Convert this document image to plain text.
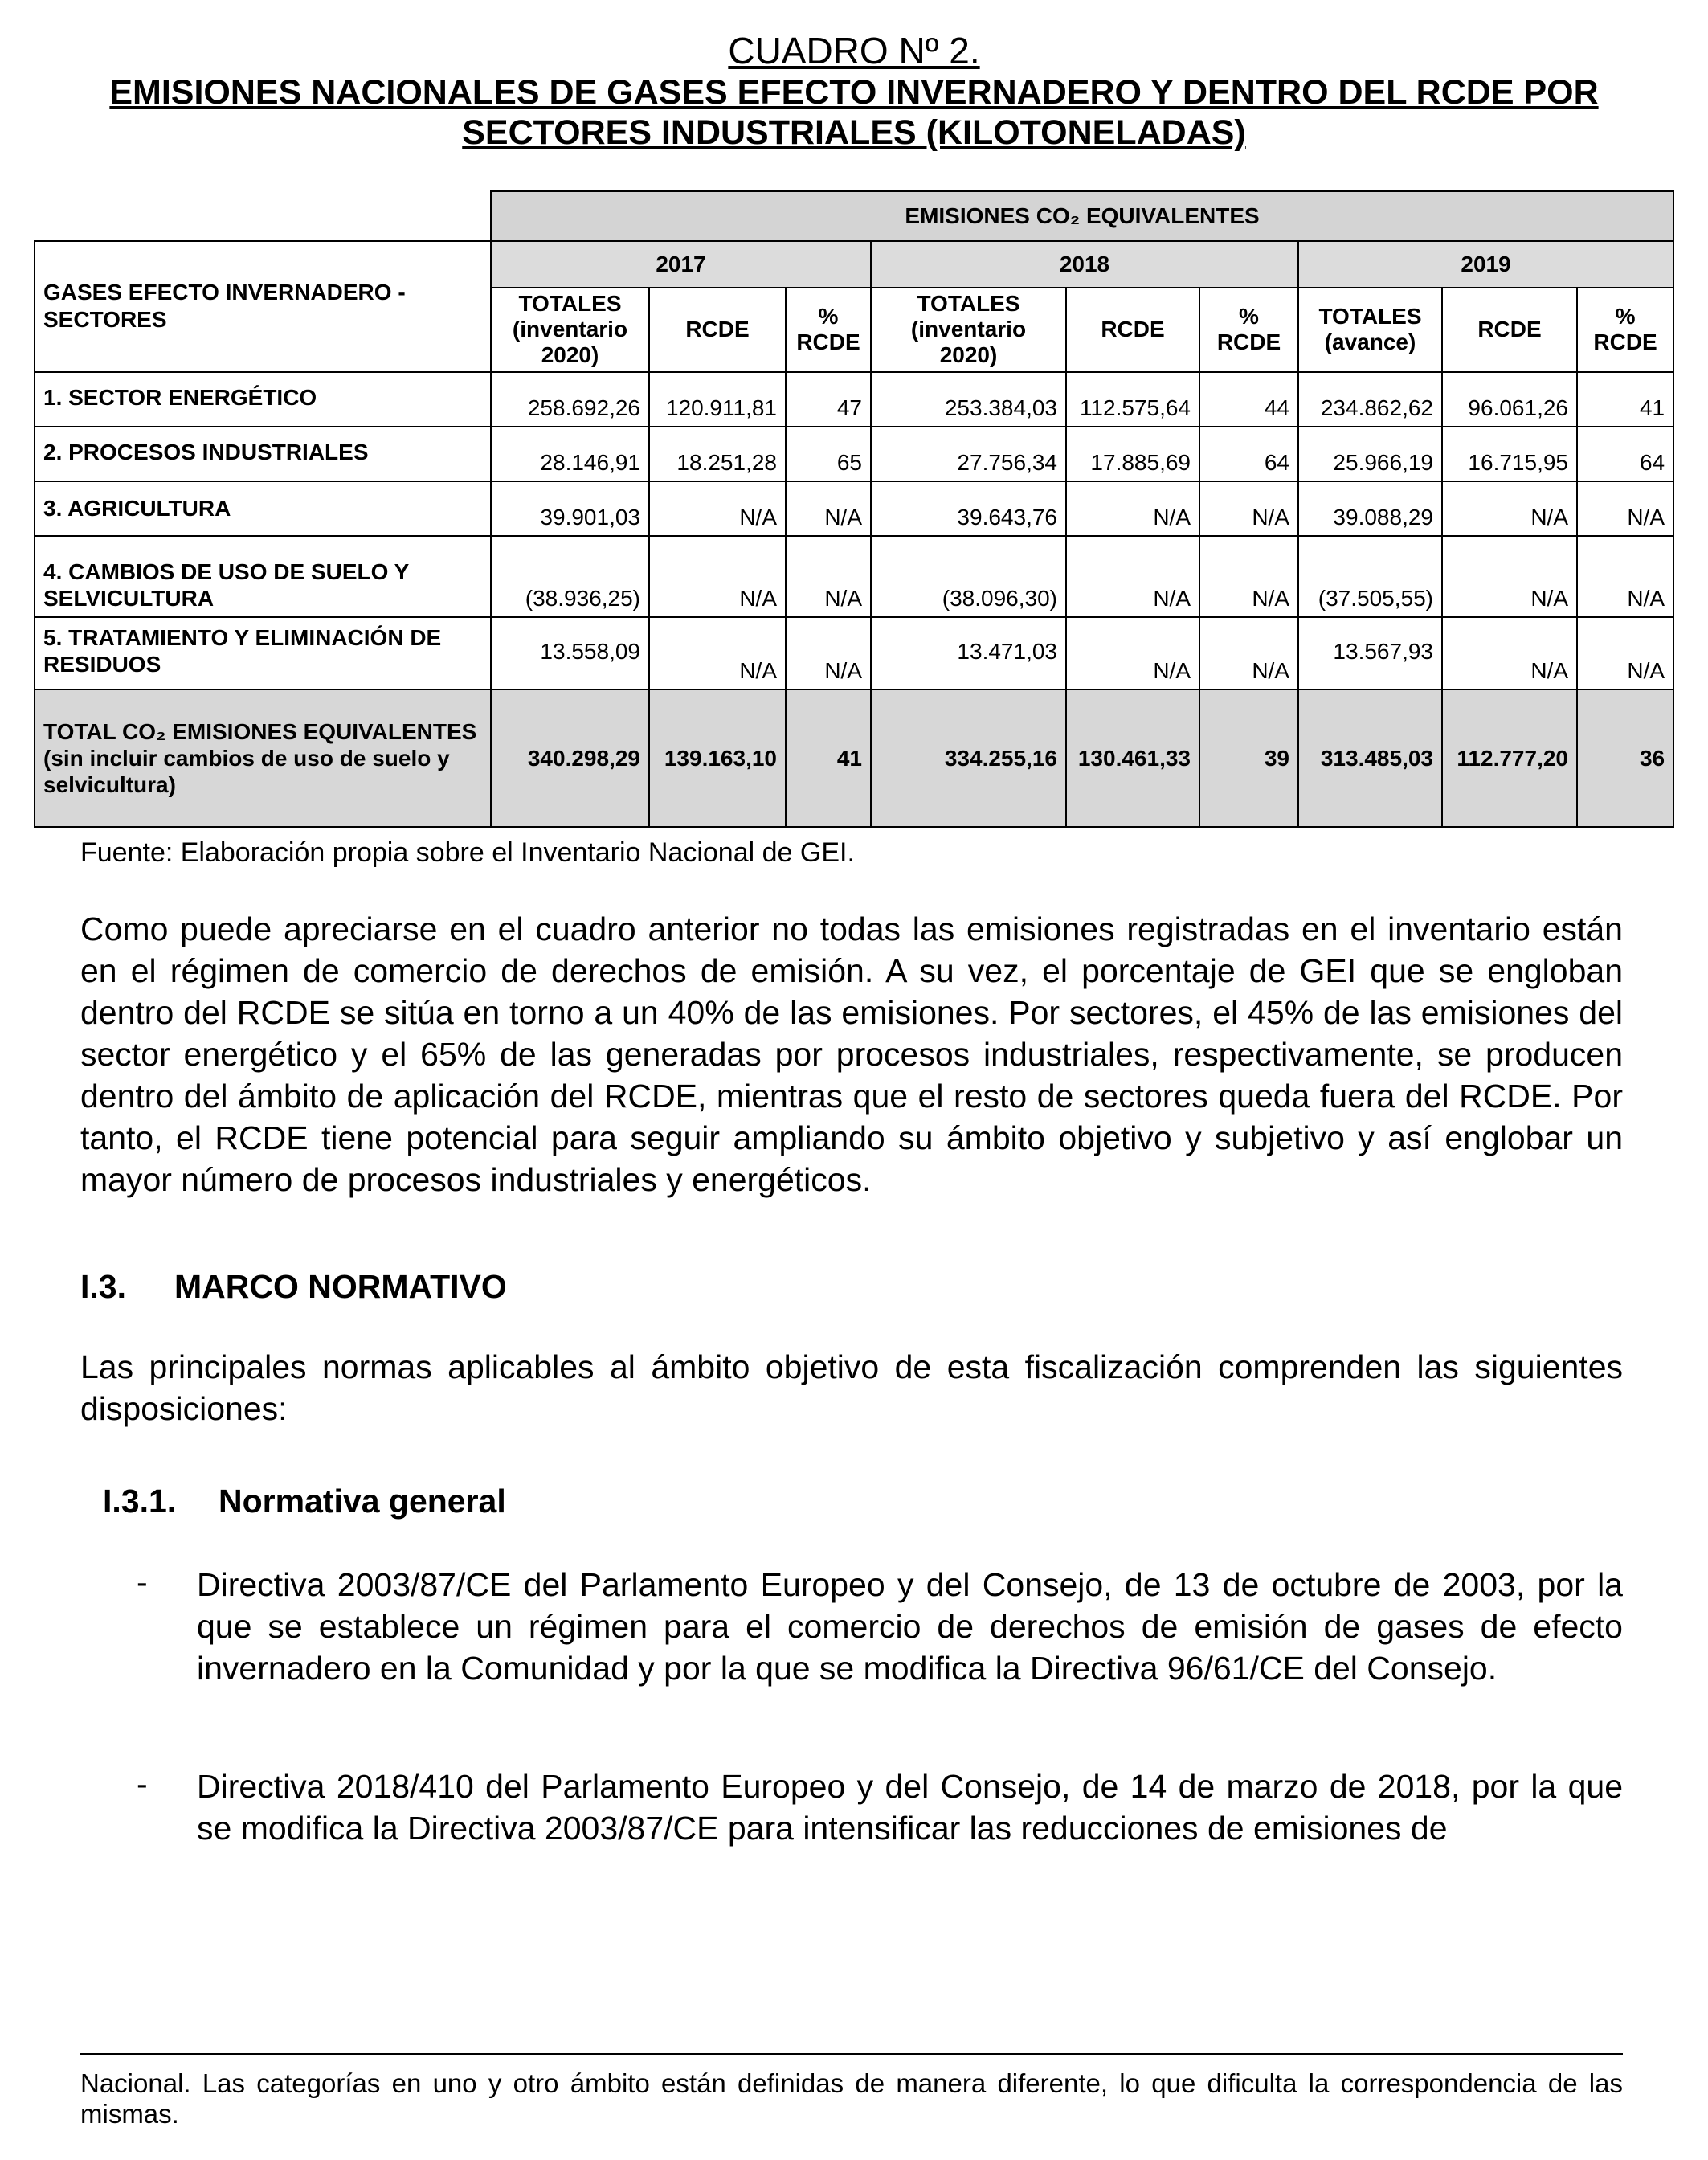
CUADRO Nº 2.
EMISIONES NACIONALES DE GASES EFECTO INVERNADERO Y DENTRO DEL RCDE POR
SECTORES INDUSTRIALES (KILOTONELADAS)
	EMISIONES CO₂ EQUIVALENTES								
GASES EFECTO INVERNADERO - SECTORES	2017			2018			2019		
	TOTALES (inventario 2020)	RCDE	% RCDE	TOTALES (inventario 2020)	RCDE	% RCDE	TOTALES (avance)	RCDE	% RCDE
1. SECTOR ENERGÉTICO	258.692,26	120.911,81	47	253.384,03	112.575,64	44	234.862,62	96.061,26	41
2. PROCESOS INDUSTRIALES	28.146,91	18.251,28	65	27.756,34	17.885,69	64	25.966,19	16.715,95	64
3. AGRICULTURA	39.901,03	N/A	N/A	39.643,76	N/A	N/A	39.088,29	N/A	N/A
4. CAMBIOS DE USO DE SUELO Y SELVICULTURA	(38.936,25)	N/A	N/A	(38.096,30)	N/A	N/A	(37.505,55)	N/A	N/A
5. TRATAMIENTO Y ELIMINACIÓN DE RESIDUOS	13.558,09	N/A	N/A	13.471,03	N/A	N/A	13.567,93	N/A	N/A
TOTAL CO₂ EMISIONES EQUIVALENTES (sin incluir cambios de uso de suelo y selvicultura)	340.298,29	139.163,10	41	334.255,16	130.461,33	39	313.485,03	112.777,20	36
Fuente: Elaboración propia sobre el Inventario Nacional de GEI.
Como puede apreciarse en el cuadro anterior no todas las emisiones registradas en el inventario están en el régimen de comercio de derechos de emisión. A su vez, el porcentaje de GEI que se engloban dentro del RCDE se sitúa en torno a un 40% de las emisiones. Por sectores, el 45% de las emisiones del sector energético y el 65% de las generadas por procesos industriales, respectivamente, se producen dentro del ámbito de aplicación del RCDE, mientras que el resto de sectores queda fuera del RCDE. Por tanto, el RCDE tiene potencial para seguir ampliando su ámbito objetivo y subjetivo y así englobar un mayor número de procesos industriales y energéticos.
I.3. MARCO NORMATIVO
Las principales normas aplicables al ámbito objetivo de esta fiscalización comprenden las siguientes disposiciones:
I.3.1. Normativa general
- Directiva 2003/87/CE del Parlamento Europeo y del Consejo, de 13 de octubre de 2003, por la que se establece un régimen para el comercio de derechos de emisión de gases de efecto invernadero en la Comunidad y por la que se modifica la Directiva 96/61/CE del Consejo.
- Directiva 2018/410 del Parlamento Europeo y del Consejo, de 14 de marzo de 2018, por la que se modifica la Directiva 2003/87/CE para intensificar las reducciones de emisiones de
Nacional. Las categorías en uno y otro ámbito están definidas de manera diferente, lo que dificulta la correspondencia de las mismas.
